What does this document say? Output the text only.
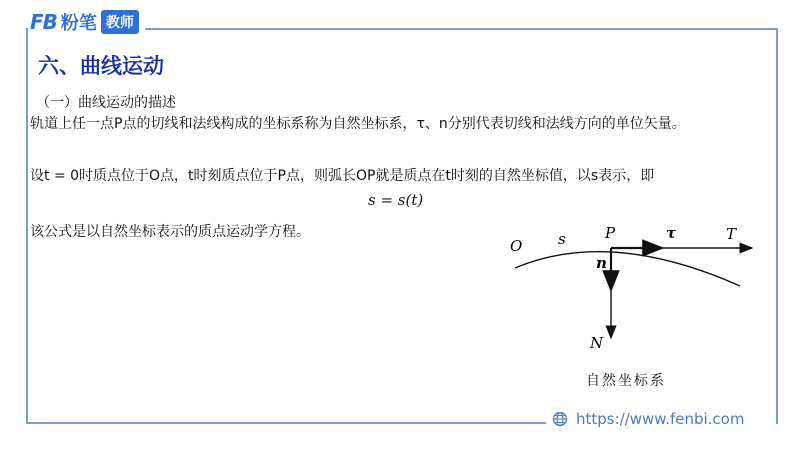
FB 粉笔 教师
六、曲线运动
（一）曲线运动的描述
轨道上任一点P点的切线和法线构成的坐标系称为自然坐标系，τ、n分别代表切线和法线方向的单位矢量。
设t = 0时质点位于O点，t时刻质点位于P点，则弧长OP就是质点在t时刻的自然坐标值，以s表示，即
s = s(t)
该公式是以自然坐标表示的质点运动学方程。
O s	P	τ	T
n
N
自然坐标系
https://www.fenbi.com
